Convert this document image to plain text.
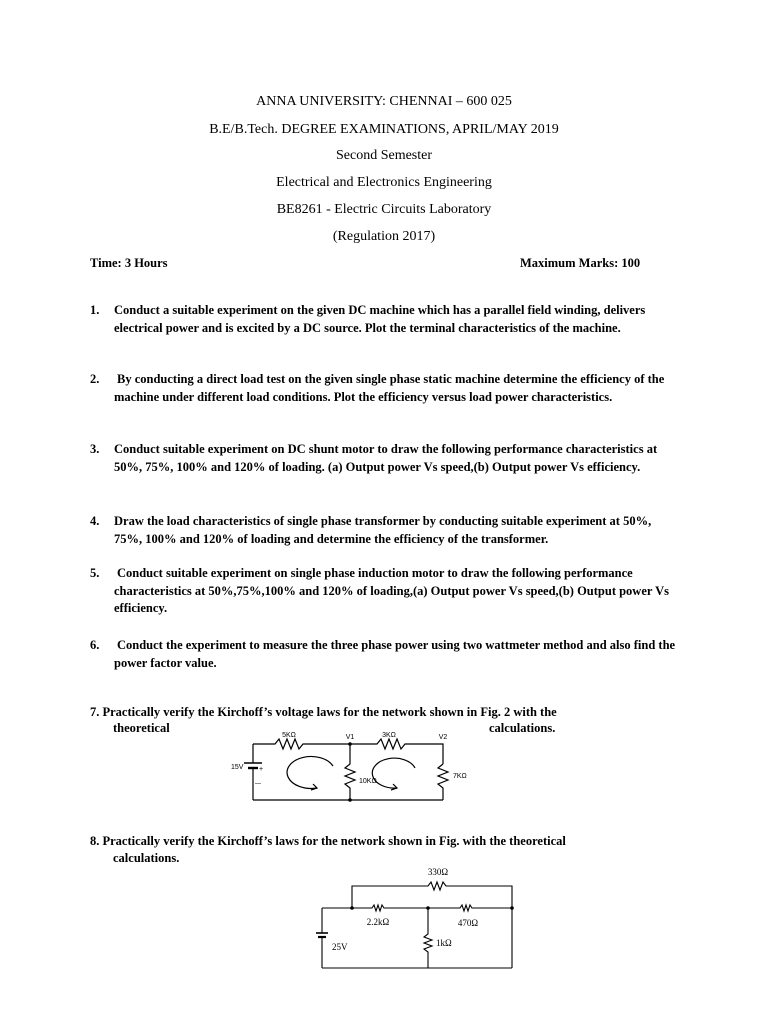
ANNA UNIVERSITY: CHENNAI – 600 025
B.E/B.Tech. DEGREE EXAMINATIONS, APRIL/MAY 2019
Second Semester
Electrical and Electronics Engineering
BE8261 - Electric Circuits Laboratory
(Regulation 2017)
Time: 3 Hours	Maximum Marks: 100
1. Conduct a suitable experiment on the given DC machine which has a parallel field winding, delivers electrical power and is excited by a DC source. Plot the terminal characteristics of the machine.
2. By conducting a direct load test on the given single phase static machine determine the efficiency of the machine under different load conditions. Plot the efficiency versus load power characteristics.
3. Conduct suitable experiment on DC shunt motor to draw the following performance characteristics at 50%, 75%, 100% and 120% of loading. (a) Output power Vs speed,(b) Output power Vs efficiency.
4. Draw the load characteristics of single phase transformer by conducting suitable experiment at 50%, 75%, 100% and 120% of loading and determine the efficiency of the transformer.
5. Conduct suitable experiment on single phase induction motor to draw the following performance characteristics at 50%,75%,100% and 120% of loading,(a) Output power Vs speed,(b) Output power Vs efficiency.
6. Conduct the experiment to measure the three phase power using two wattmeter method and also find the power factor value.
7. Practically verify the Kirchoff’s voltage laws for the network shown in Fig. 2 with the
theoretical	calculations.
5KΩ	3KΩ
V1	V2
10KΩ
7KΩ
15V +
—
8. Practically verify the Kirchoff’s laws for the network shown in Fig. with the theoretical
calculations.
330Ω
2.2kΩ	470Ω
1kΩ
25V
